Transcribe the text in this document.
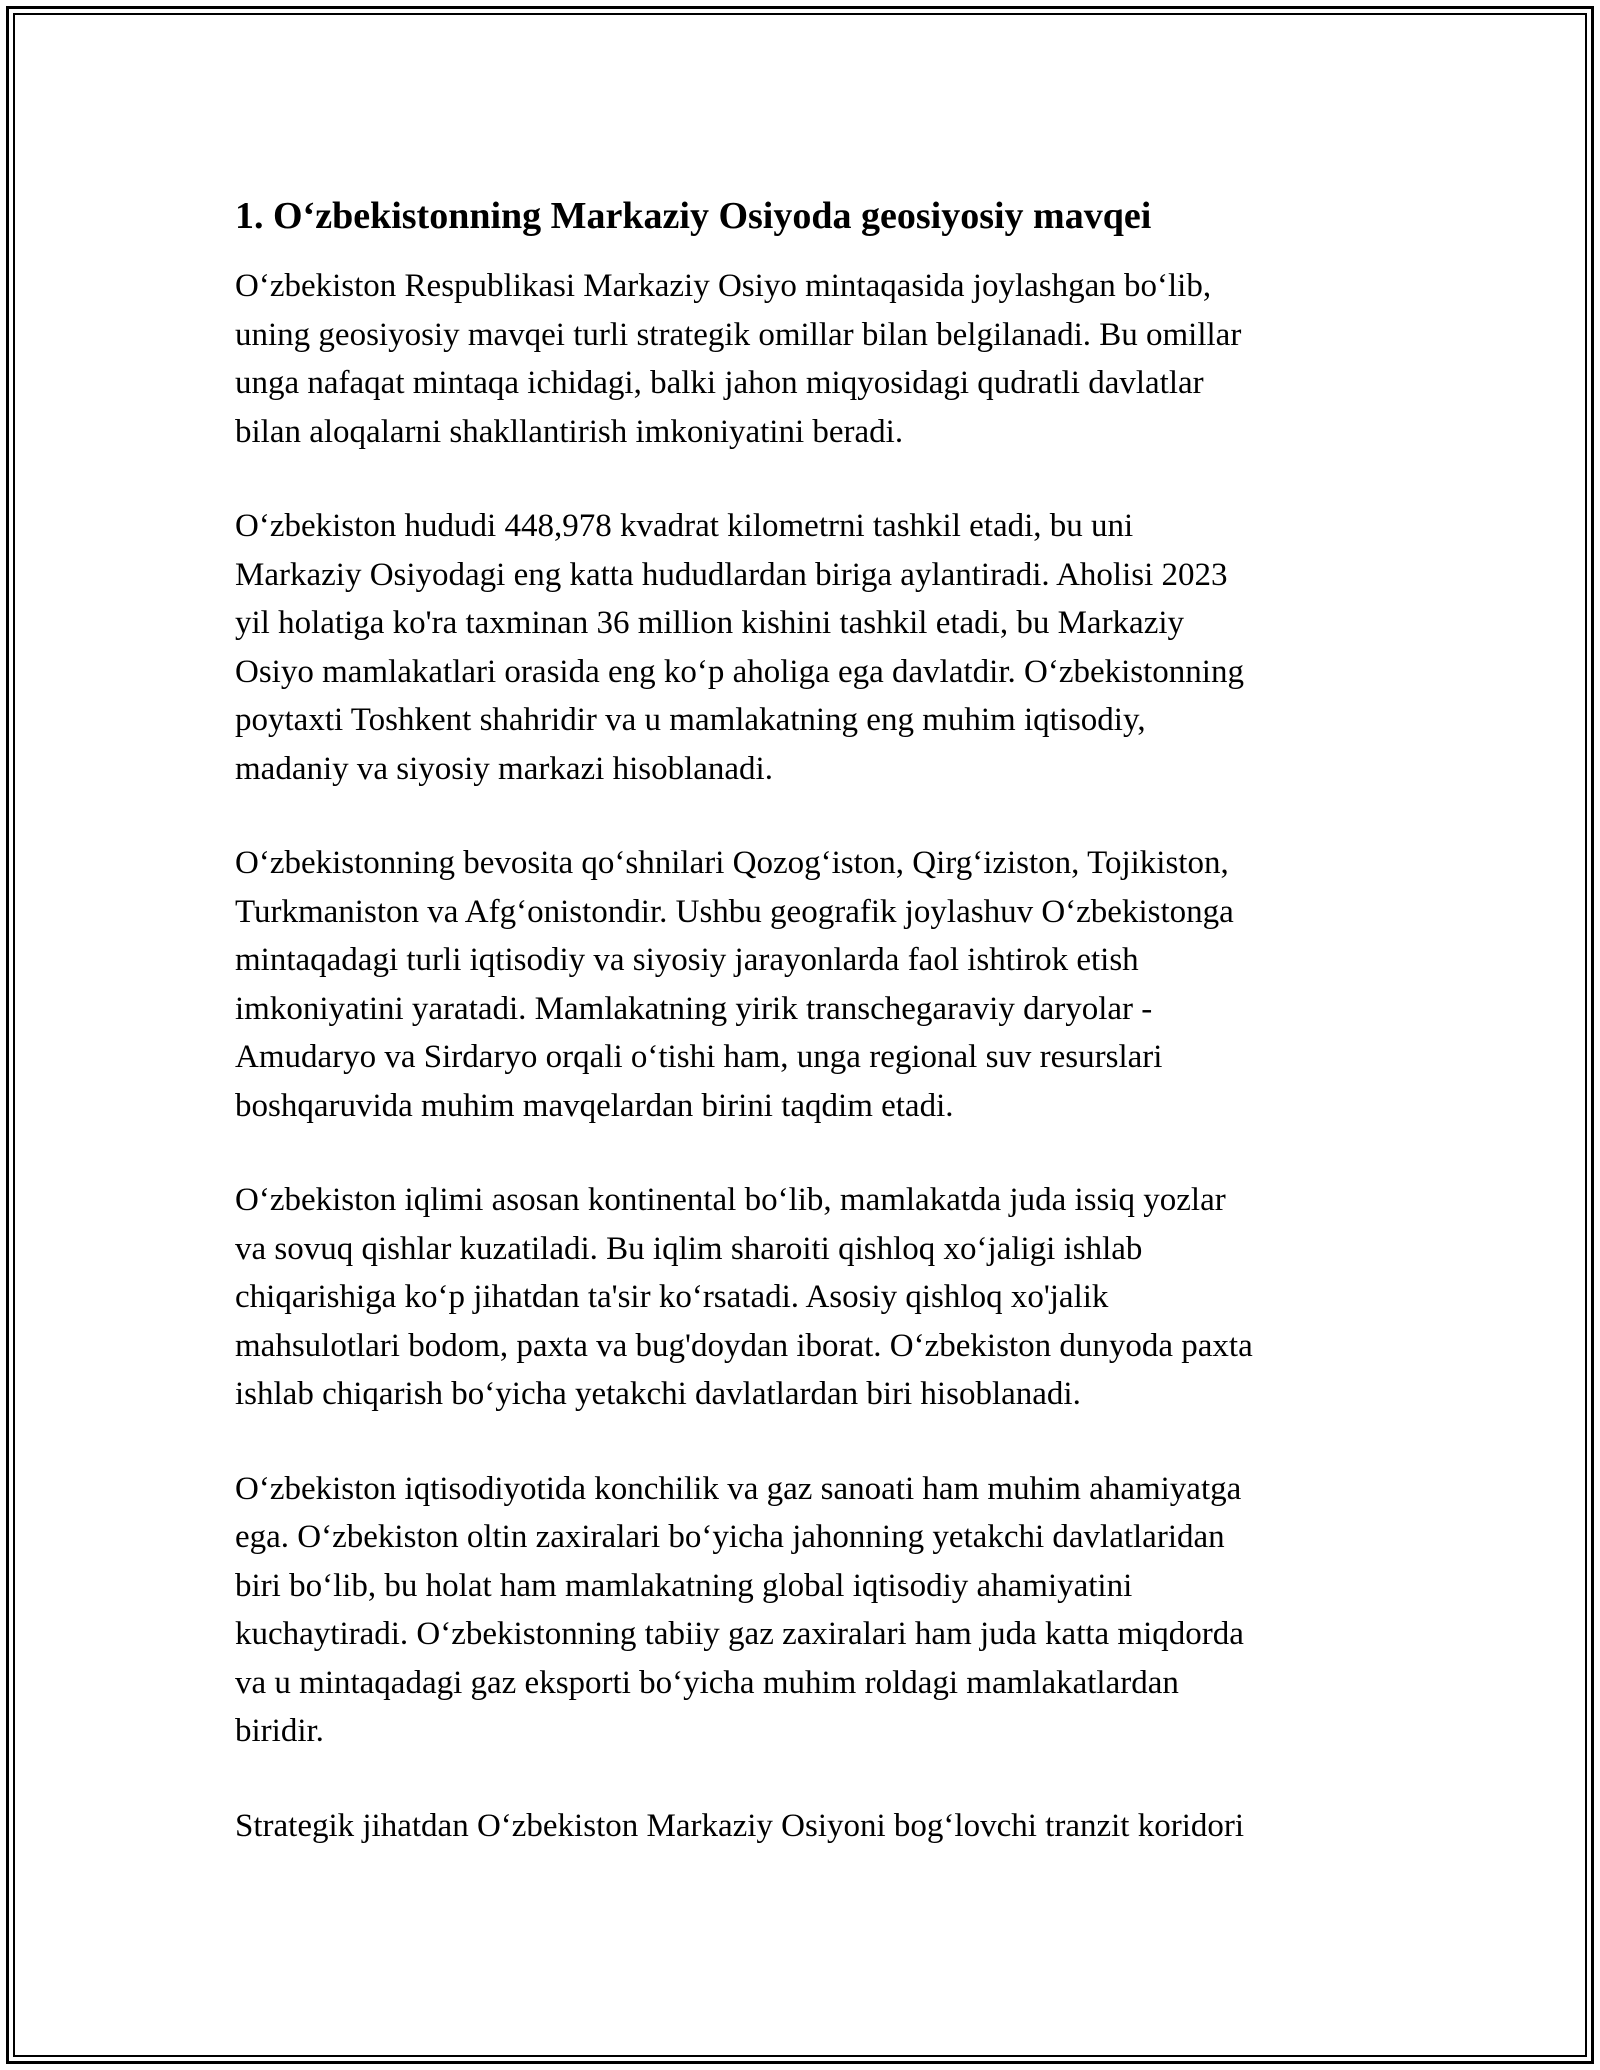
1. O‘zbekistonning Markaziy Osiyoda geosiyosiy mavqei

O‘zbekiston Respublikasi Markaziy Osiyo mintaqasida joylashgan bo‘lib,
uning geosiyosiy mavqei turli strategik omillar bilan belgilanadi. Bu omillar
unga nafaqat mintaqa ichidagi, balki jahon miqyosidagi qudratli davlatlar
bilan aloqalarni shakllantirish imkoniyatini beradi.

O‘zbekiston hududi 448,978 kvadrat kilometrni tashkil etadi, bu uni
Markaziy Osiyodagi eng katta hududlardan biriga aylantiradi. Aholisi 2023
yil holatiga ko'ra taxminan 36 million kishini tashkil etadi, bu Markaziy
Osiyo mamlakatlari orasida eng ko‘p aholiga ega davlatdir. O‘zbekistonning
poytaxti Toshkent shahridir va u mamlakatning eng muhim iqtisodiy,
madaniy va siyosiy markazi hisoblanadi.

O‘zbekistonning bevosita qo‘shnilari Qozog‘iston, Qirg‘iziston, Tojikiston,
Turkmaniston va Afg‘onistondir. Ushbu geografik joylashuv O‘zbekistonga
mintaqadagi turli iqtisodiy va siyosiy jarayonlarda faol ishtirok etish
imkoniyatini yaratadi. Mamlakatning yirik transchegaraviy daryolar -
Amudaryo va Sirdaryo orqali o‘tishi ham, unga regional suv resurslari
boshqaruvida muhim mavqelardan birini taqdim etadi.

O‘zbekiston iqlimi asosan kontinental bo‘lib, mamlakatda juda issiq yozlar
va sovuq qishlar kuzatiladi. Bu iqlim sharoiti qishloq xo‘jaligi ishlab
chiqarishiga ko‘p jihatdan ta'sir ko‘rsatadi. Asosiy qishloq xo'jalik
mahsulotlari bodom, paxta va bug'doydan iborat. O‘zbekiston dunyoda paxta
ishlab chiqarish bo‘yicha yetakchi davlatlardan biri hisoblanadi.

O‘zbekiston iqtisodiyotida konchilik va gaz sanoati ham muhim ahamiyatga
ega. O‘zbekiston oltin zaxiralari bo‘yicha jahonning yetakchi davlatlaridan
biri bo‘lib, bu holat ham mamlakatning global iqtisodiy ahamiyatini
kuchaytiradi. O‘zbekistonning tabiiy gaz zaxiralari ham juda katta miqdorda
va u mintaqadagi gaz eksporti bo‘yicha muhim roldagi mamlakatlardan
biridir.

Strategik jihatdan O‘zbekiston Markaziy Osiyoni bog‘lovchi tranzit koridori
